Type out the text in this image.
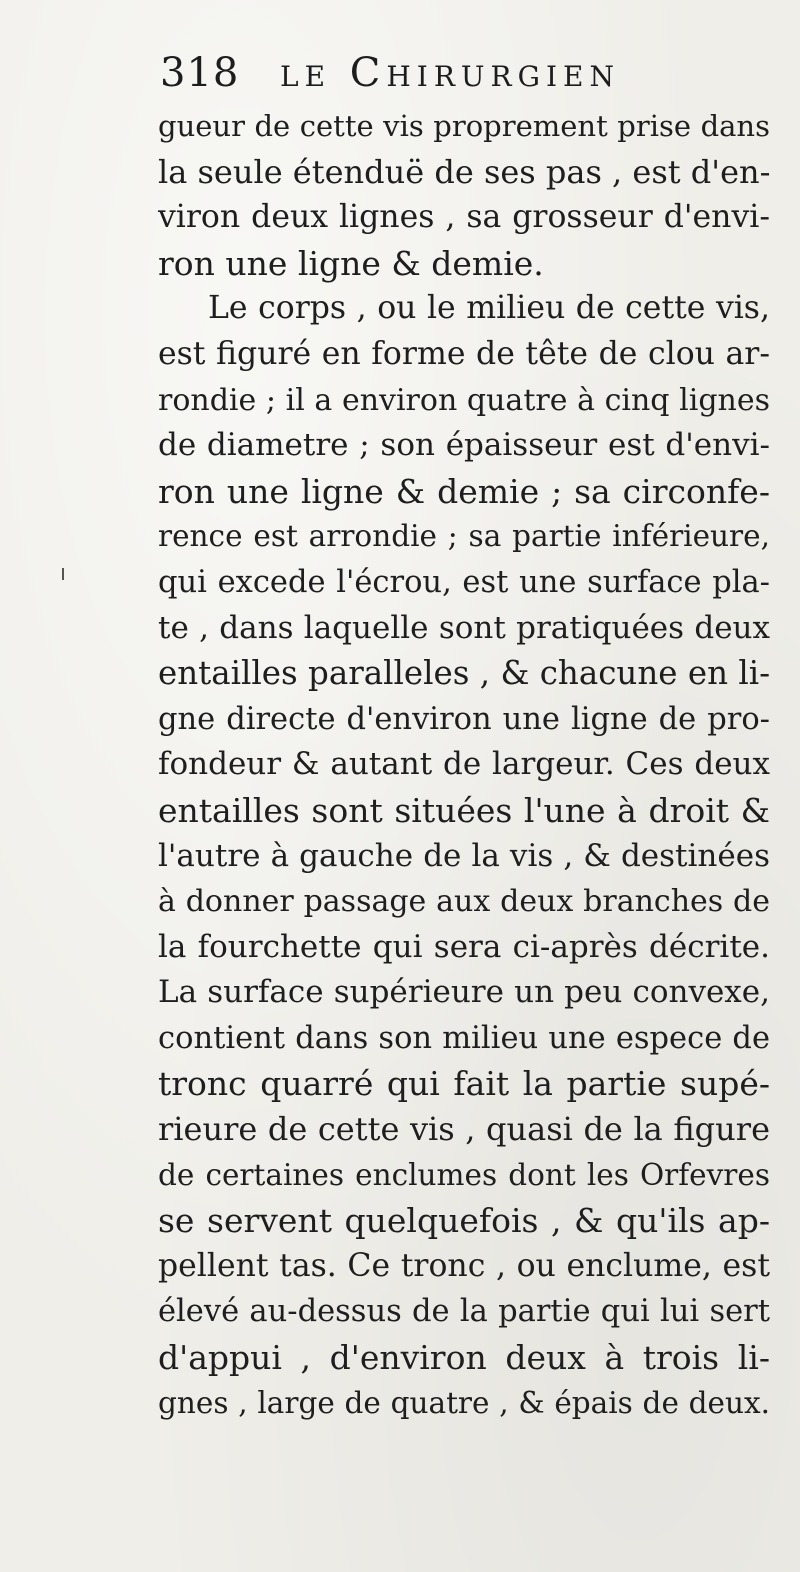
318 le Chirurgien
gueur de cette vis proprement prise dans
la seule étenduë de ses pas , est d'en-
viron deux lignes , sa grosseur d'envi-
ron une ligne & demie.
Le corps , ou le milieu de cette vis,
est figuré en forme de tête de clou ar-
rondie ; il a environ quatre à cinq lignes
de diametre ; son épaisseur est d'envi-
ron une ligne & demie ; sa circonfe-
rence est arrondie ; sa partie inférieure,
qui excede l'écrou, est une surface pla-
te , dans laquelle sont pratiquées deux
entailles paralleles , & chacune en li-
gne directe d'environ une ligne de pro-
fondeur & autant de largeur. Ces deux
entailles sont situées l'une à droit &
l'autre à gauche de la vis , & destinées
à donner passage aux deux branches de
la fourchette qui sera ci-après décrite.
La surface supérieure un peu convexe,
contient dans son milieu une espece de
tronc quarré qui fait la partie supé-
rieure de cette vis , quasi de la figure
de certaines enclumes dont les Orfevres
se servent quelquefois , & qu'ils ap-
pellent tas. Ce tronc , ou enclume, est
élevé au-dessus de la partie qui lui sert
d'appui , d'environ deux à trois li-
gnes , large de quatre , & épais de deux.
